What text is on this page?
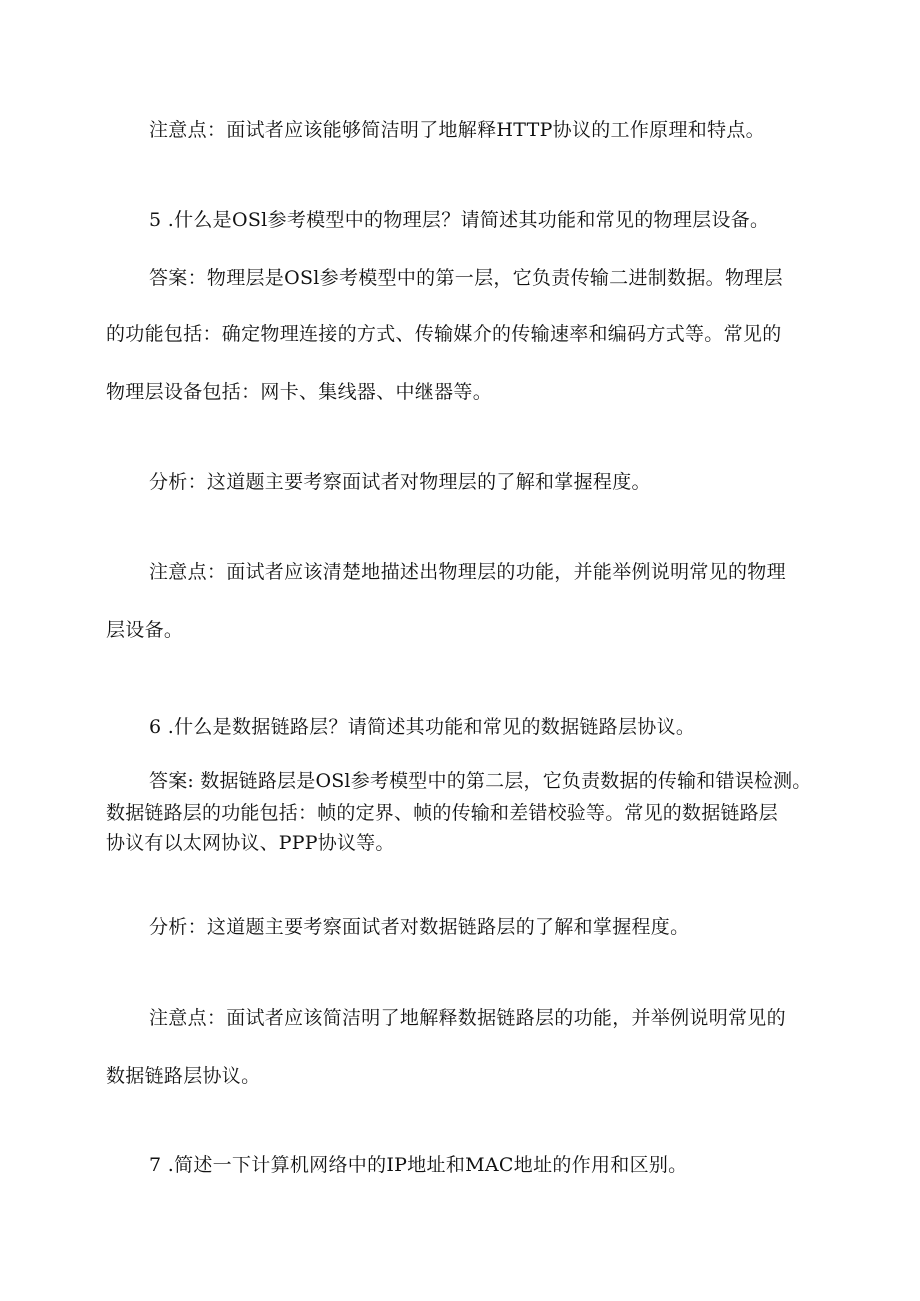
注意点：面试者应该能够简洁明了地解释HTTP协议的工作原理和特点。
5 .什么是OSl参考模型中的物理层？请简述其功能和常见的物理层设备。
答案：物理层是OSl参考模型中的第一层，它负责传输二进制数据。物理层
的功能包括：确定物理连接的方式、传输媒介的传输速率和编码方式等。常见的
物理层设备包括：网卡、集线器、中继器等。
分析：这道题主要考察面试者对物理层的了解和掌握程度。
注意点：面试者应该清楚地描述出物理层的功能，并能举例说明常见的物理
层设备。
6 .什么是数据链路层？请简述其功能和常见的数据链路层协议。
答案: 数据链路层是OSl参考模型中的第二层，它负责数据的传输和错误检测。
数据链路层的功能包括：帧的定界、帧的传输和差错校验等。常见的数据链路层
协议有以太网协议、PPP协议等。
分析：这道题主要考察面试者对数据链路层的了解和掌握程度。
注意点：面试者应该简洁明了地解释数据链路层的功能，并举例说明常见的
数据链路层协议。
7 .简述一下计算机网络中的IP地址和MAC地址的作用和区别。
